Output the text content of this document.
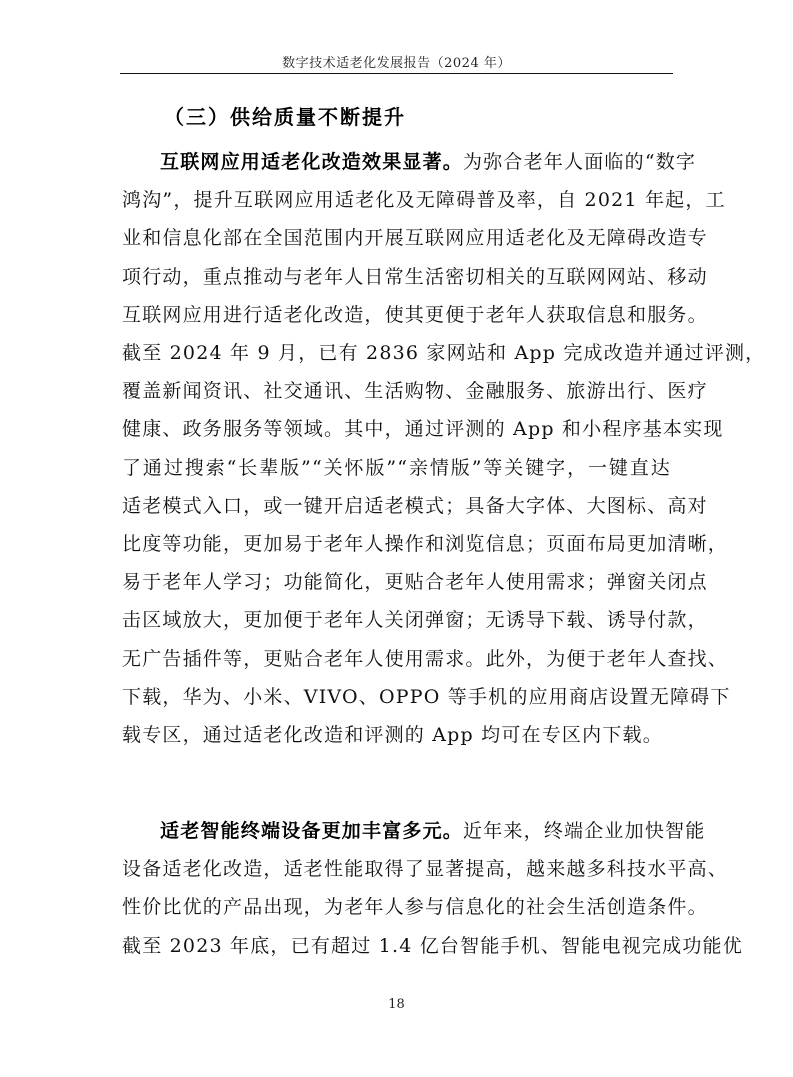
数字技术适老化发展报告（2024 年）
（三）供给质量不断提升
互联网应用适老化改造效果显著。为弥合老年人面临的“数字
鸿沟”，提升互联网应用适老化及无障碍普及率，自 2021 年起，工
业和信息化部在全国范围内开展互联网应用适老化及无障碍改造专
项行动，重点推动与老年人日常生活密切相关的互联网网站、移动
互联网应用进行适老化改造，使其更便于老年人获取信息和服务。
截至 2024 年 9 月，已有 2836 家网站和 App 完成改造并通过评测，
覆盖新闻资讯、社交通讯、生活购物、金融服务、旅游出行、医疗
健康、政务服务等领域。其中，通过评测的 App 和小程序基本实现
了通过搜索“长辈版”“关怀版”“亲情版”等关键字，一键直达
适老模式入口，或一键开启适老模式；具备大字体、大图标、高对
比度等功能，更加易于老年人操作和浏览信息；页面布局更加清晰，
易于老年人学习；功能简化，更贴合老年人使用需求；弹窗关闭点
击区域放大，更加便于老年人关闭弹窗；无诱导下载、诱导付款，
无广告插件等，更贴合老年人使用需求。此外，为便于老年人查找、
下载，华为、小米、VIVO、OPPO 等手机的应用商店设置无障碍下
载专区，通过适老化改造和评测的 App 均可在专区内下载。
适老智能终端设备更加丰富多元。近年来，终端企业加快智能
设备适老化改造，适老性能取得了显著提高，越来越多科技水平高、
性价比优的产品出现，为老年人参与信息化的社会生活创造条件。
截至 2023 年底，已有超过 1.4 亿台智能手机、智能电视完成功能优
18
